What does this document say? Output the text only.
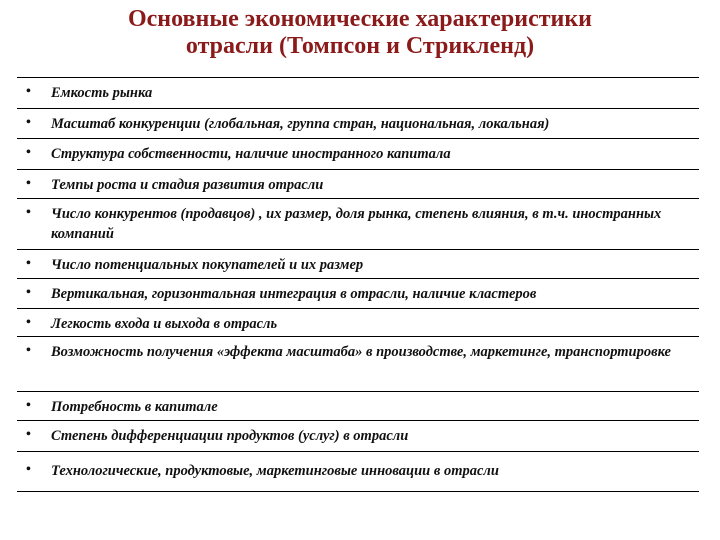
Основные экономические характеристики
отрасли (Томпсон и Стрикленд)
• Емкость рынка
• Масштаб конкуренции (глобальная, группа стран, национальная, локальная)
• Структура собственности, наличие иностранного капитала
• Темпы роста и стадия развития отрасли
• Число конкурентов (продавцов) , их размер, доля рынка, степень влияния, в т.ч. иностранных компаний
• Число потенциальных покупателей и их размер
• Вертикальная, горизонтальная интеграция в отрасли, наличие кластеров
• Легкость входа и выхода в отрасль
• Возможность получения «эффекта масштаба» в производстве, маркетинге, транспортировке
• Потребность в капитале
• Степень дифференциации продуктов (услуг) в отрасли
• Технологические, продуктовые, маркетинговые инновации в отрасли
